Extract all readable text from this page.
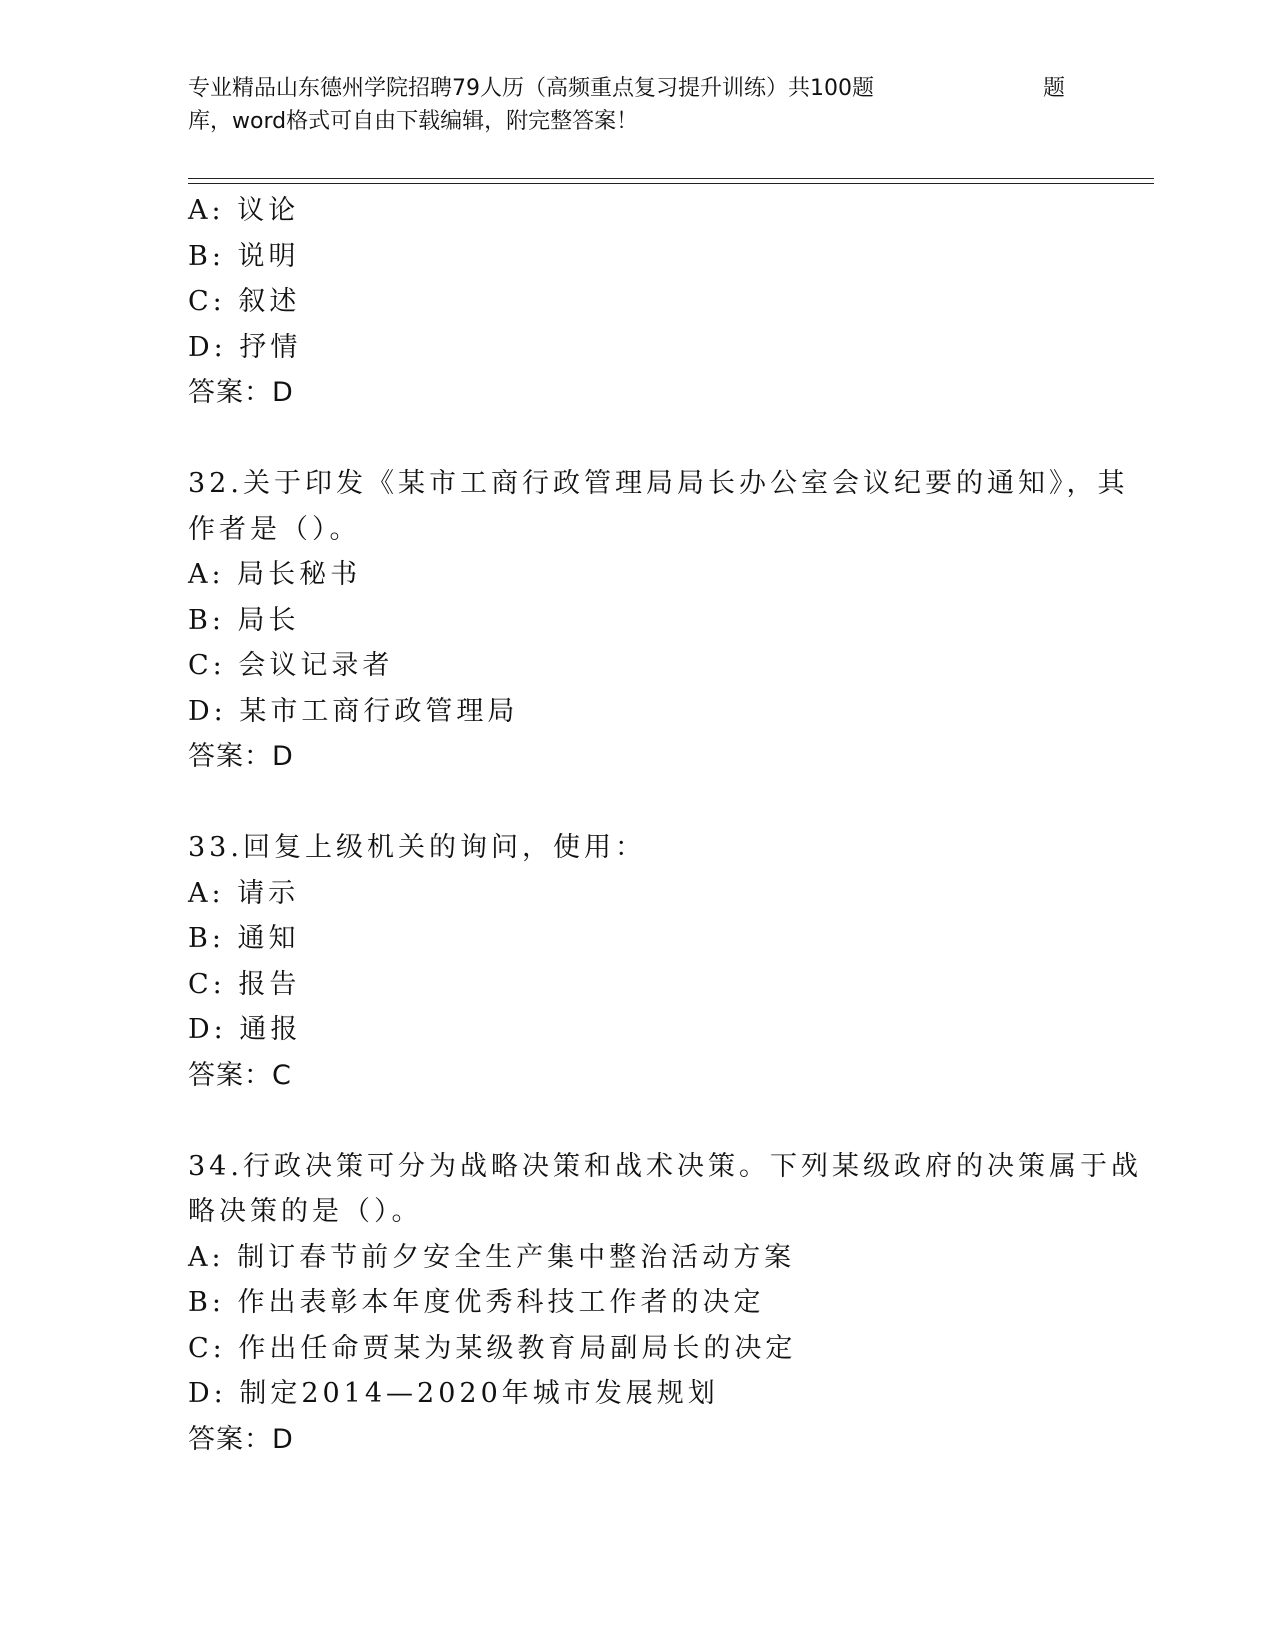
专业精品山东德州学院招聘79人历（高频重点复习提升训练）共100题
库，word格式可自由下载编辑，附完整答案！
题
A: 议论
B: 说明
C: 叙述
D: 抒情
答案：D
32.关于印发《某市工商行政管理局局长办公室会议纪要的通知》，其
作者是（）。
A: 局长秘书
B: 局长
C: 会议记录者
D: 某市工商行政管理局
答案：D
33.回复上级机关的询问，使用：
A: 请示
B: 通知
C: 报告
D: 通报
答案：C
34.行政决策可分为战略决策和战术决策。下列某级政府的决策属于战
略决策的是（）。
A: 制订春节前夕安全生产集中整治活动方案
B: 作出表彰本年度优秀科技工作者的决定
C: 作出任命贾某为某级教育局副局长的决定
D: 制定2014—2020年城市发展规划
答案：D
